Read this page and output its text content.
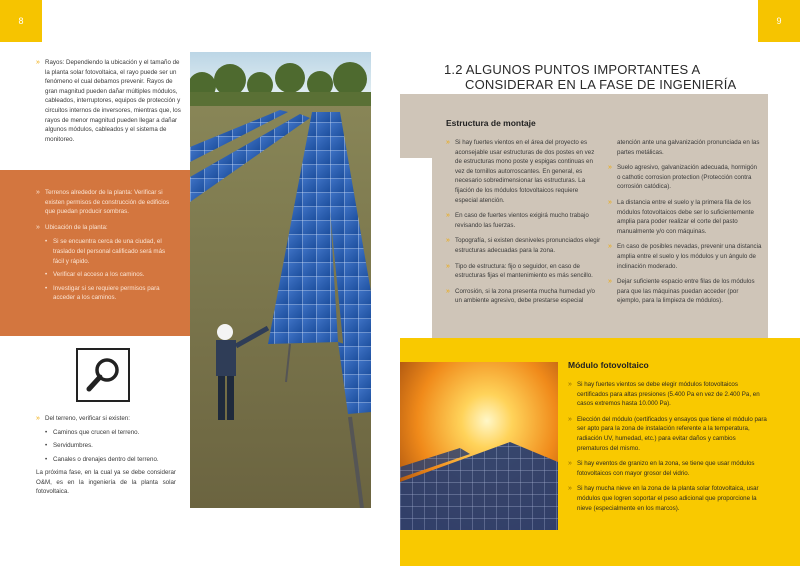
8	9
» Rayos: Dependiendo la ubicación y el tamaño de la planta solar fotovoltaica, el rayo puede ser un fenómeno el cual debamos prevenir. Rayos de gran magnitud pueden dañar múltiples módulos, cableados, interruptores, equipos de protección y circuitos internos de inversores, mientras que, los rayos de menor magnitud pueden llegar a dañar algunos módulos, cableados y el sistema de monitoreo.
» Terrenos alrededor de la planta: Verificar si existen permisos de construcción de edificios que puedan producir sombras.
» Ubicación de la planta:
• Si se encuentra cerca de una ciudad, el traslado del personal calificado será más fácil y rápido.
• Verificar el acceso a los caminos.
• Investigar si se requiere permisos para acceder a los caminos.
» Del terreno, verificar si existen:
• Caminos que crucen el terreno.
• Servidumbres.
• Canales o drenajes dentro del terreno.
La próxima fase, en la cual ya se debe considerar O&M, es en la ingeniería de la planta solar fotovoltaica.
1.2 ALGUNOS PUNTOS IMPORTANTES A
CONSIDERAR EN LA FASE DE INGENIERÍA
Estructura de montaje
» Si hay fuertes vientos en el área del proyecto es aconsejable usar estructuras de dos postes en vez de estructuras mono poste y espigas continuas en vez de tornillos autorroscantes. En general, es necesario sobredimensionar las estructuras. La fijación de los módulos fotovoltaicos requiere especial atención.
» En caso de fuertes vientos exigirá mucho trabajo revisando las fuerzas.
» Topografía, si existen desniveles pronunciados elegir estructuras adecuadas para la zona.
» Tipo de estructura: fijo o seguidor, en caso de estructuras fijas el mantenimiento es más sencillo.
» Corrosión, si la zona presenta mucha humedad y/o un ambiente agresivo, debe prestarse especial

atención ante una galvanización pronunciada en las partes metálicas.

» Suelo agresivo, galvanización adecuada, hormigón o cathotic corrosion protection (Protección contra corrosión catódica).
» La distancia entre el suelo y la primera fila de los módulos fotovoltaicos debe ser lo suficientemente amplia para poder realizar el corte del pasto manualmente y/o con máquinas.
» En caso de posibles nevadas, prevenir una distancia amplia entre el suelo y los módulos y un ángulo de inclinación moderado.
» Dejar suficiente espacio entre filas de los módulos para que las máquinas puedan acceder (por ejemplo, para la limpieza de módulos).
Módulo fotovoltaico
» Si hay fuertes vientos se debe elegir módulos fotovoltaicos certificados para altas presiones (5.400 Pa en vez de 2.400 Pa, en casos extremos hasta 10.000 Pa).
» Elección del módulo (certificados y ensayos que tiene el módulo para ser apto para la zona de instalación referente a la temperatura, radiación UV, humedad, etc.) para evitar daños y cambios prematuros del mismo.
» Si hay eventos de granizo en la zona, se tiene que usar módulos fotovoltaicos con mayor grosor del vidrio.
» Si hay mucha nieve en la zona de la planta solar fotovoltaica, usar módulos que logren soportar el peso adicional que proporcione la nieve (especialmente en los marcos).
